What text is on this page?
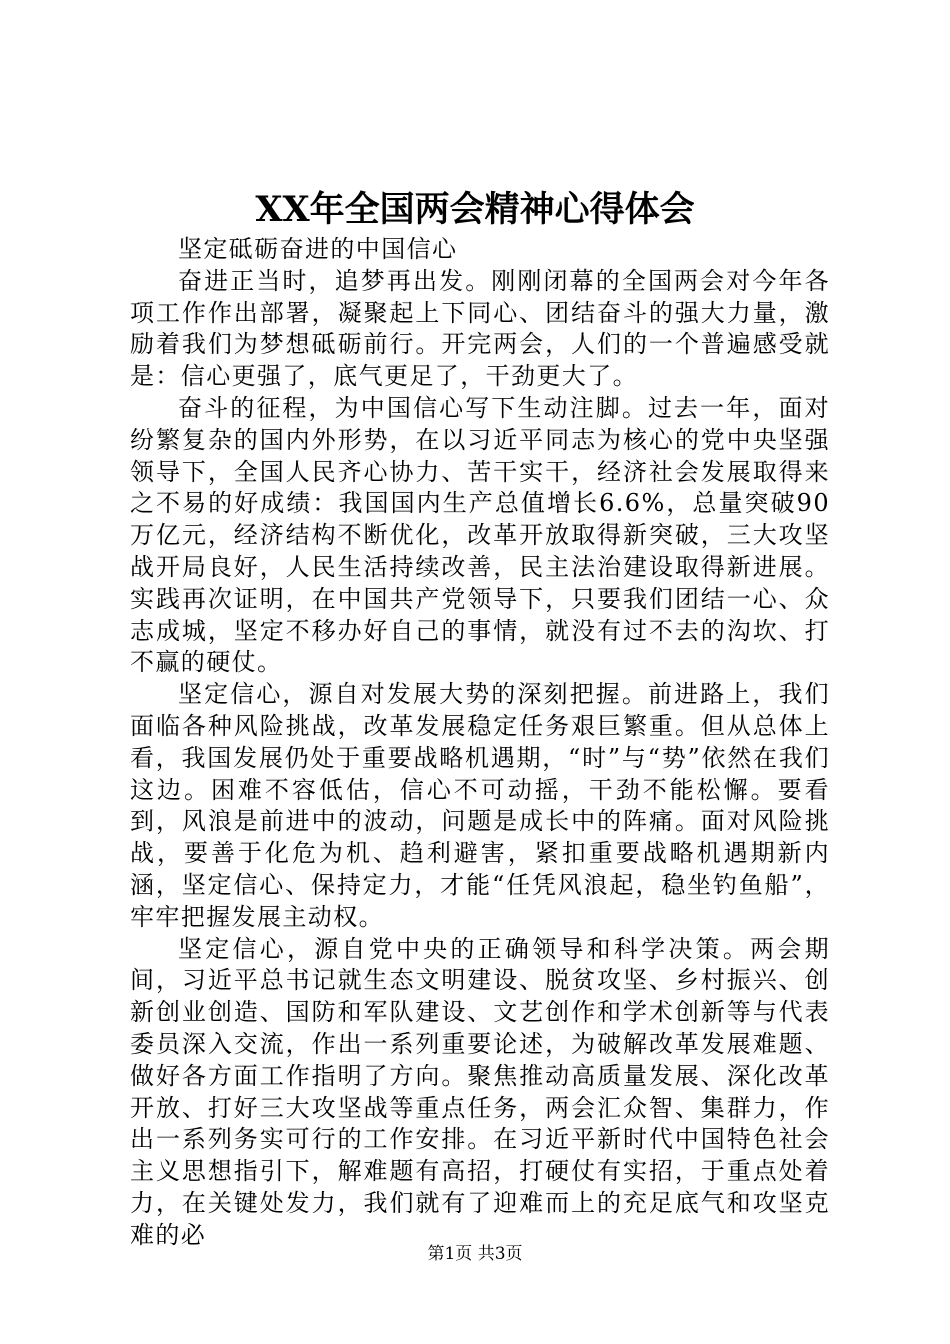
XX年全国两会精神心得体会

坚定砥砺奋进的中国信心

奋进正当时，追梦再出发。刚刚闭幕的全国两会对今年各项工作作出部署，凝聚起上下同心、团结奋斗的强大力量，激励着我们为梦想砥砺前行。开完两会，人们的一个普遍感受就是：信心更强了，底气更足了，干劲更大了。

奋斗的征程，为中国信心写下生动注脚。过去一年，面对纷繁复杂的国内外形势，在以习近平同志为核心的党中央坚强领导下，全国人民齐心协力、苦干实干，经济社会发展取得来之不易的好成绩：我国国内生产总值增长6.6%，总量突破90万亿元，经济结构不断优化，改革开放取得新突破，三大攻坚战开局良好，人民生活持续改善，民主法治建设取得新进展。实践再次证明，在中国共产党领导下，只要我们团结一心、众志成城，坚定不移办好自己的事情，就没有过不去的沟坎、打不赢的硬仗。

坚定信心，源自对发展大势的深刻把握。前进路上，我们面临各种风险挑战，改革发展稳定任务艰巨繁重。但从总体上看，我国发展仍处于重要战略机遇期，“时”与“势”依然在我们这边。困难不容低估，信心不可动摇，干劲不能松懈。要看到，风浪是前进中的波动，问题是成长中的阵痛。面对风险挑战，要善于化危为机、趋利避害，紧扣重要战略机遇期新内涵，坚定信心、保持定力，才能“任凭风浪起，稳坐钓鱼船”，牢牢把握发展主动权。

坚定信心，源自党中央的正确领导和科学决策。两会期间，习近平总书记就生态文明建设、脱贫攻坚、乡村振兴、创新创业创造、国防和军队建设、文艺创作和学术创新等与代表委员深入交流，作出一系列重要论述，为破解改革发展难题、做好各方面工作指明了方向。聚焦推动高质量发展、深化改革开放、打好三大攻坚战等重点任务，两会汇众智、集群力，作出一系列务实可行的工作安排。在习近平新时代中国特色社会主义思想指引下，解难题有高招，打硬仗有实招，于重点处着力，在关键处发力，我们就有了迎难而上的充足底气和攻坚克难的必

第1页 共3页
